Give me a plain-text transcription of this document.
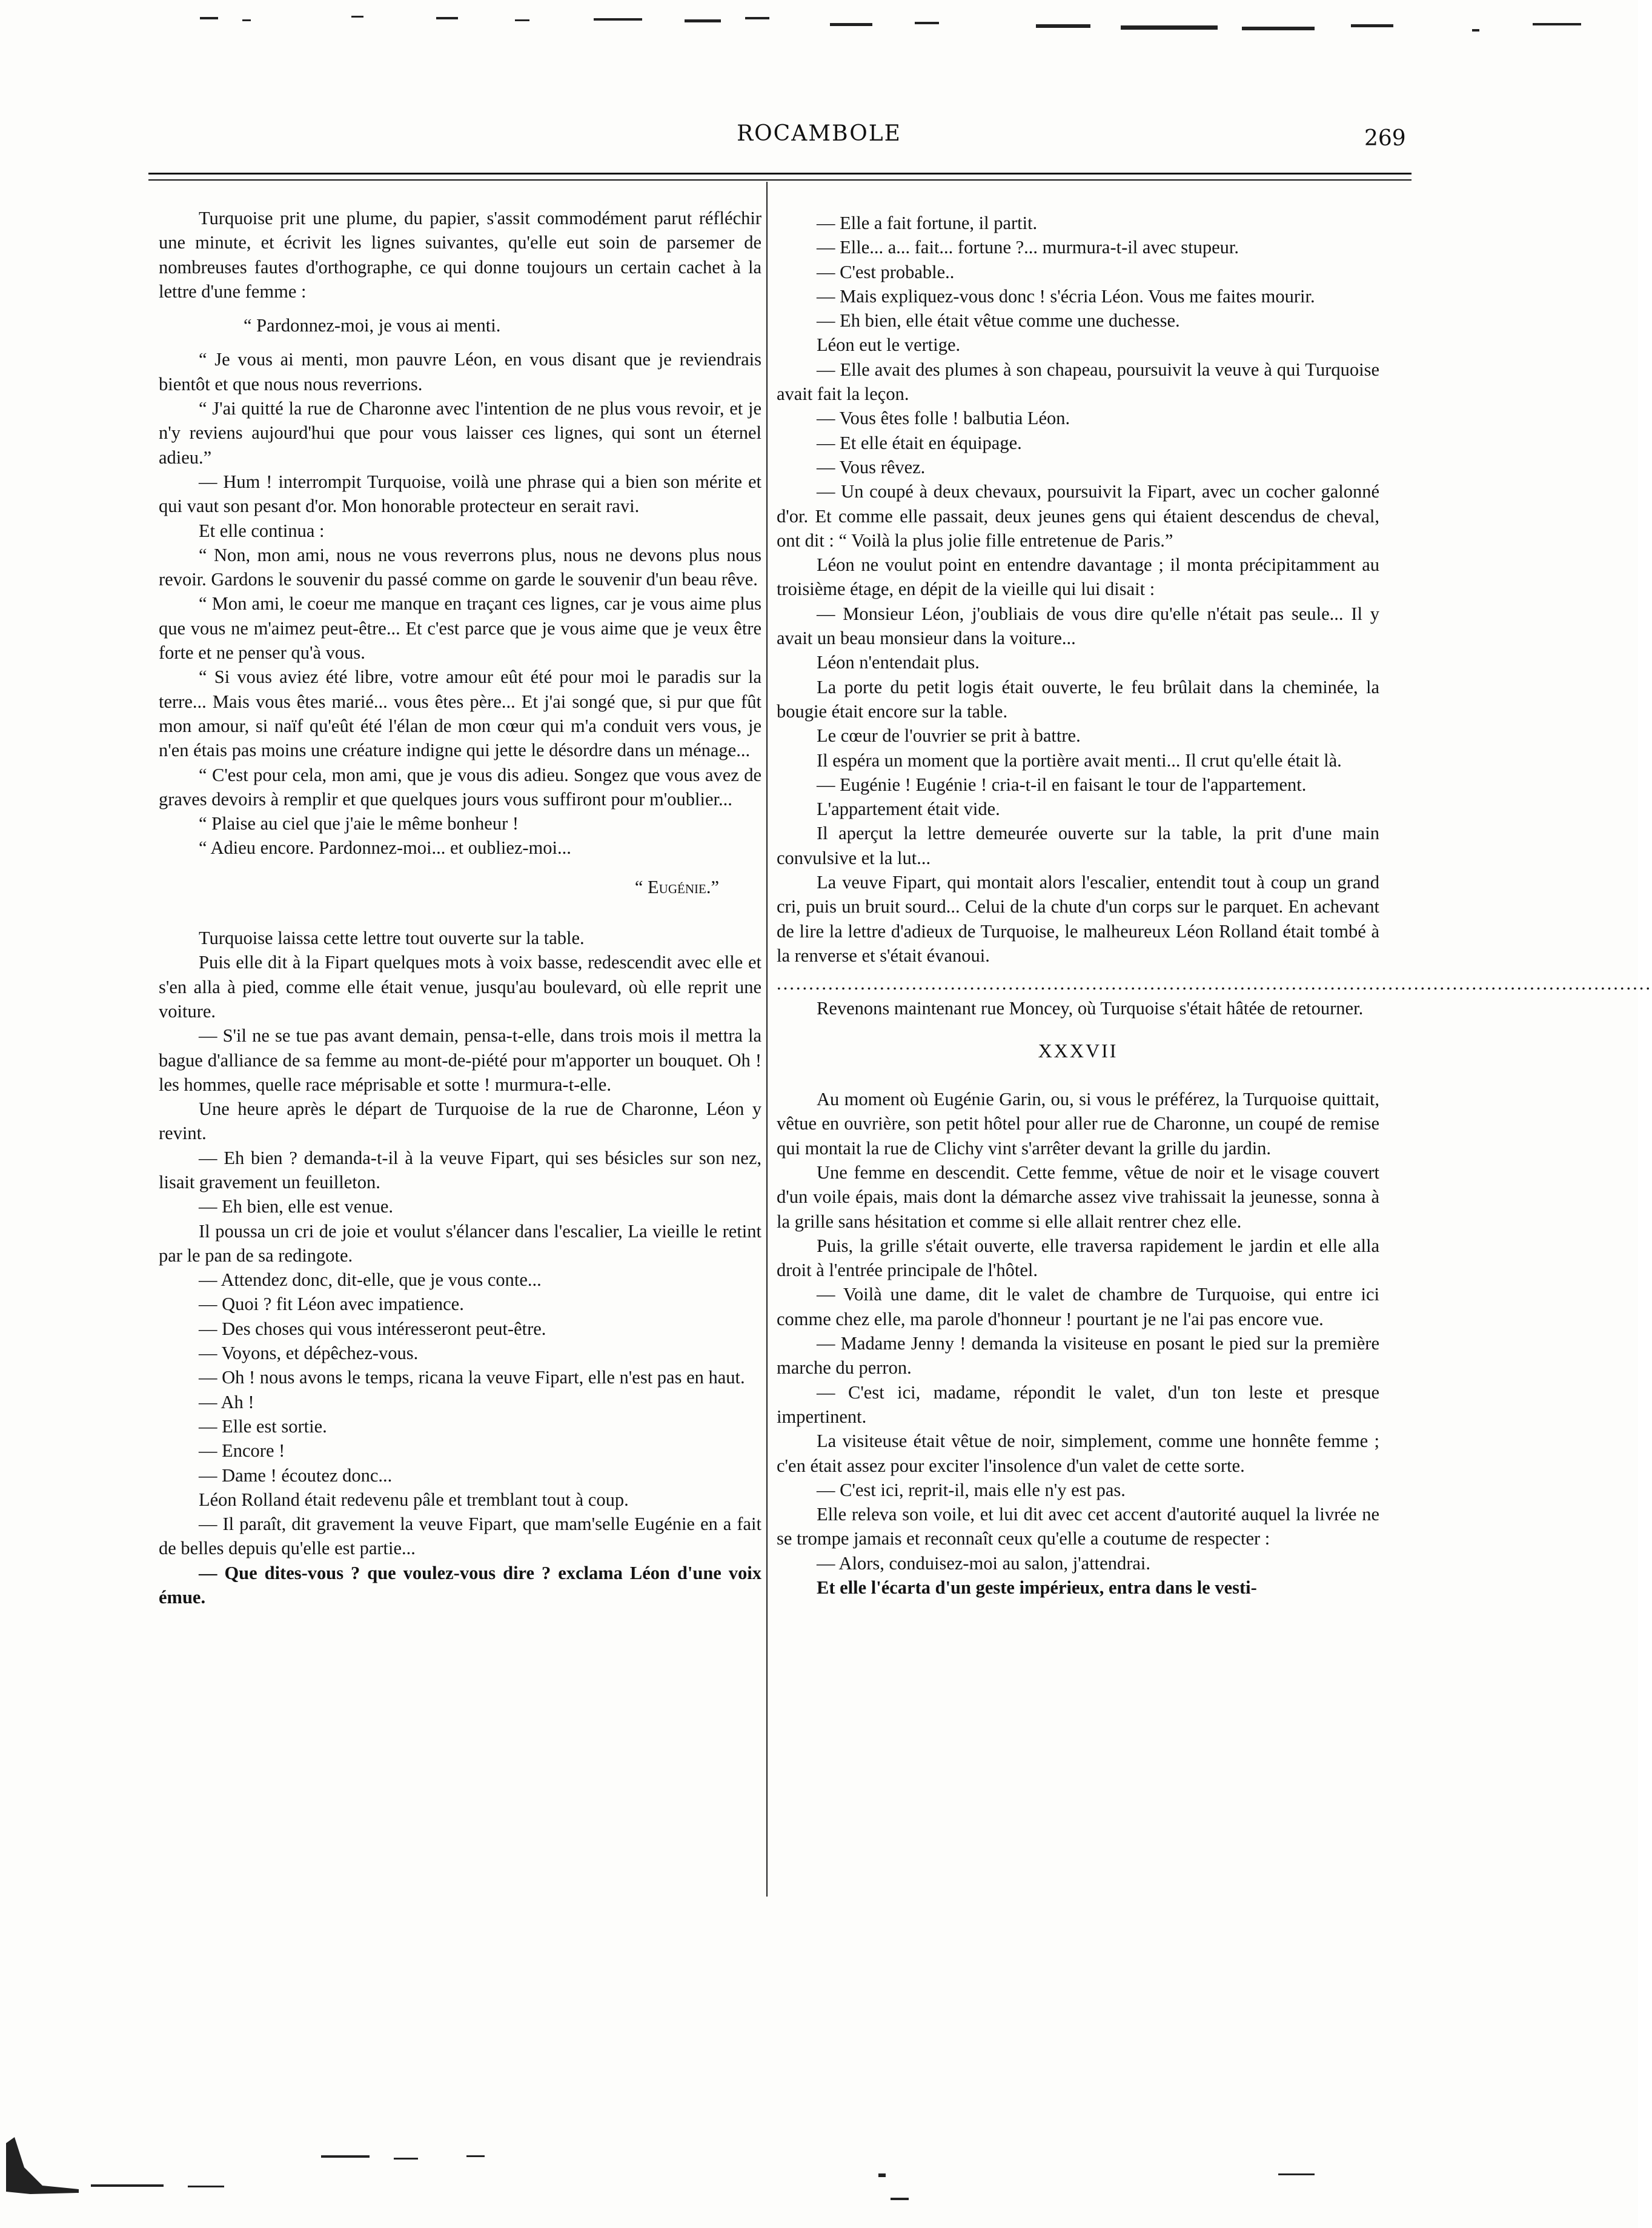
ROCAMBOLE	269

Turquoise prit une plume, du papier, s'assit commodément parut réfléchir une minute, et écrivit les lignes suivantes, qu'elle eut soin de parsemer de nombreuses fautes d'orthographe, ce qui donne toujours un certain cachet à la lettre d'une femme :

“ Pardonnez-moi, je vous ai menti.

“ Je vous ai menti, mon pauvre Léon, en vous disant que je reviendrais bientôt et que nous nous reverrions.

“ J'ai quitté la rue de Charonne avec l'intention de ne plus vous revoir, et je n'y reviens aujourd'hui que pour vous laisser ces lignes, qui sont un éternel adieu.”

— Hum ! interrompit Turquoise, voilà une phrase qui a bien son mérite et qui vaut son pesant d'or. Mon honorable protecteur en serait ravi.

Et elle continua :

“ Non, mon ami, nous ne vous reverrons plus, nous ne devons plus nous revoir. Gardons le souvenir du passé comme on garde le souvenir d'un beau rêve.

“ Mon ami, le coeur me manque en traçant ces lignes, car je vous aime plus que vous ne m'aimez peut-être... Et c'est parce que je vous aime que je veux être forte et ne penser qu'à vous.

“ Si vous aviez été libre, votre amour eût été pour moi le paradis sur la terre... Mais vous êtes marié... vous êtes père... Et j'ai songé que, si pur que fût mon amour, si naïf qu'eût été l'élan de mon cœur qui m'a conduit vers vous, je n'en étais pas moins une créature indigne qui jette le désordre dans un ménage...

“ C'est pour cela, mon ami, que je vous dis adieu. Songez que vous avez de graves devoirs à remplir et que quelques jours vous suffiront pour m'oublier...

“ Plaise au ciel que j'aie le même bonheur !

“ Adieu encore. Pardonnez-moi... et oubliez-moi...

“ Eugénie.”

Turquoise laissa cette lettre tout ouverte sur la table.

Puis elle dit à la Fipart quelques mots à voix basse, redescendit avec elle et s'en alla à pied, comme elle était venue, jusqu'au boulevard, où elle reprit une voiture.

— S'il ne se tue pas avant demain, pensa-t-elle, dans trois mois il mettra la bague d'alliance de sa femme au mont-de-piété pour m'apporter un bouquet. Oh ! les hommes, quelle race méprisable et sotte ! murmura-t-elle.

Une heure après le départ de Turquoise de la rue de Charonne, Léon y revint.

— Eh bien ? demanda-t-il à la veuve Fipart, qui ses bésicles sur son nez, lisait gravement un feuilleton.

— Eh bien, elle est venue.

Il poussa un cri de joie et voulut s'élancer dans l'escalier, La vieille le retint par le pan de sa redingote.

— Attendez donc, dit-elle, que je vous conte...

— Quoi ? fit Léon avec impatience.

— Des choses qui vous intéresseront peut-être.

— Voyons, et dépêchez-vous.

— Oh ! nous avons le temps, ricana la veuve Fipart, elle n'est pas en haut.

— Ah !

— Elle est sortie.

— Encore !

— Dame ! écoutez donc...

Léon Rolland était redevenu pâle et tremblant tout à coup.

— Il paraît, dit gravement la veuve Fipart, que mam'selle Eugénie en a fait de belles depuis qu'elle est partie...

— Que dites-vous ? que voulez-vous dire ? exclama Léon d'une voix émue.

— Elle a fait fortune, il partit.

— Elle... a... fait... fortune ?... murmura-t-il avec stupeur.

— C'est probable..

— Mais expliquez-vous donc ! s'écria Léon. Vous me faites mourir.

— Eh bien, elle était vêtue comme une duchesse.

Léon eut le vertige.

— Elle avait des plumes à son chapeau, poursuivit la veuve à qui Turquoise avait fait la leçon.

— Vous êtes folle ! balbutia Léon.

— Et elle était en équipage.

— Vous rêvez.

— Un coupé à deux chevaux, poursuivit la Fipart, avec un cocher galonné d'or. Et comme elle passait, deux jeunes gens qui étaient descendus de cheval, ont dit : “ Voilà la plus jolie fille entretenue de Paris.”

Léon ne voulut point en entendre davantage ; il monta précipitamment au troisième étage, en dépit de la vieille qui lui disait :

— Monsieur Léon, j'oubliais de vous dire qu'elle n'était pas seule... Il y avait un beau monsieur dans la voiture...

Léon n'entendait plus.

La porte du petit logis était ouverte, le feu brûlait dans la cheminée, la bougie était encore sur la table.

Le cœur de l'ouvrier se prit à battre.

Il espéra un moment que la portière avait menti... Il crut qu'elle était là.

— Eugénie ! Eugénie ! cria-t-il en faisant le tour de l'appartement.

L'appartement était vide.

Il aperçut la lettre demeurée ouverte sur la table, la prit d'une main convulsive et la lut...

La veuve Fipart, qui montait alors l'escalier, entendit tout à coup un grand cri, puis un bruit sourd... Celui de la chute d'un corps sur le parquet. En achevant de lire la lettre d'adieux de Turquoise, le malheureux Léon Rolland était tombé à la renverse et s'était évanoui.

........................................................................................................................................

Revenons maintenant rue Moncey, où Turquoise s'était hâtée de retourner.

XXXVII

Au moment où Eugénie Garin, ou, si vous le préférez, la Turquoise quittait, vêtue en ouvrière, son petit hôtel pour aller rue de Charonne, un coupé de remise qui montait la rue de Clichy vint s'arrêter devant la grille du jardin.

Une femme en descendit. Cette femme, vêtue de noir et le visage couvert d'un voile épais, mais dont la démarche assez vive trahissait la jeunesse, sonna à la grille sans hésitation et comme si elle allait rentrer chez elle.

Puis, la grille s'était ouverte, elle traversa rapidement le jardin et elle alla droit à l'entrée principale de l'hôtel.

— Voilà une dame, dit le valet de chambre de Turquoise, qui entre ici comme chez elle, ma parole d'honneur ! pourtant je ne l'ai pas encore vue.

— Madame Jenny ! demanda la visiteuse en posant le pied sur la première marche du perron.

— C'est ici, madame, répondit le valet, d'un ton leste et presque impertinent.

La visiteuse était vêtue de noir, simplement, comme une honnête femme ; c'en était assez pour exciter l'insolence d'un valet de cette sorte.

— C'est ici, reprit-il, mais elle n'y est pas.

Elle releva son voile, et lui dit avec cet accent d'autorité auquel la livrée ne se trompe jamais et reconnaît ceux qu'elle a coutume de respecter :

— Alors, conduisez-moi au salon, j'attendrai.

Et elle l'écarta d'un geste impérieux, entra dans le vesti-
